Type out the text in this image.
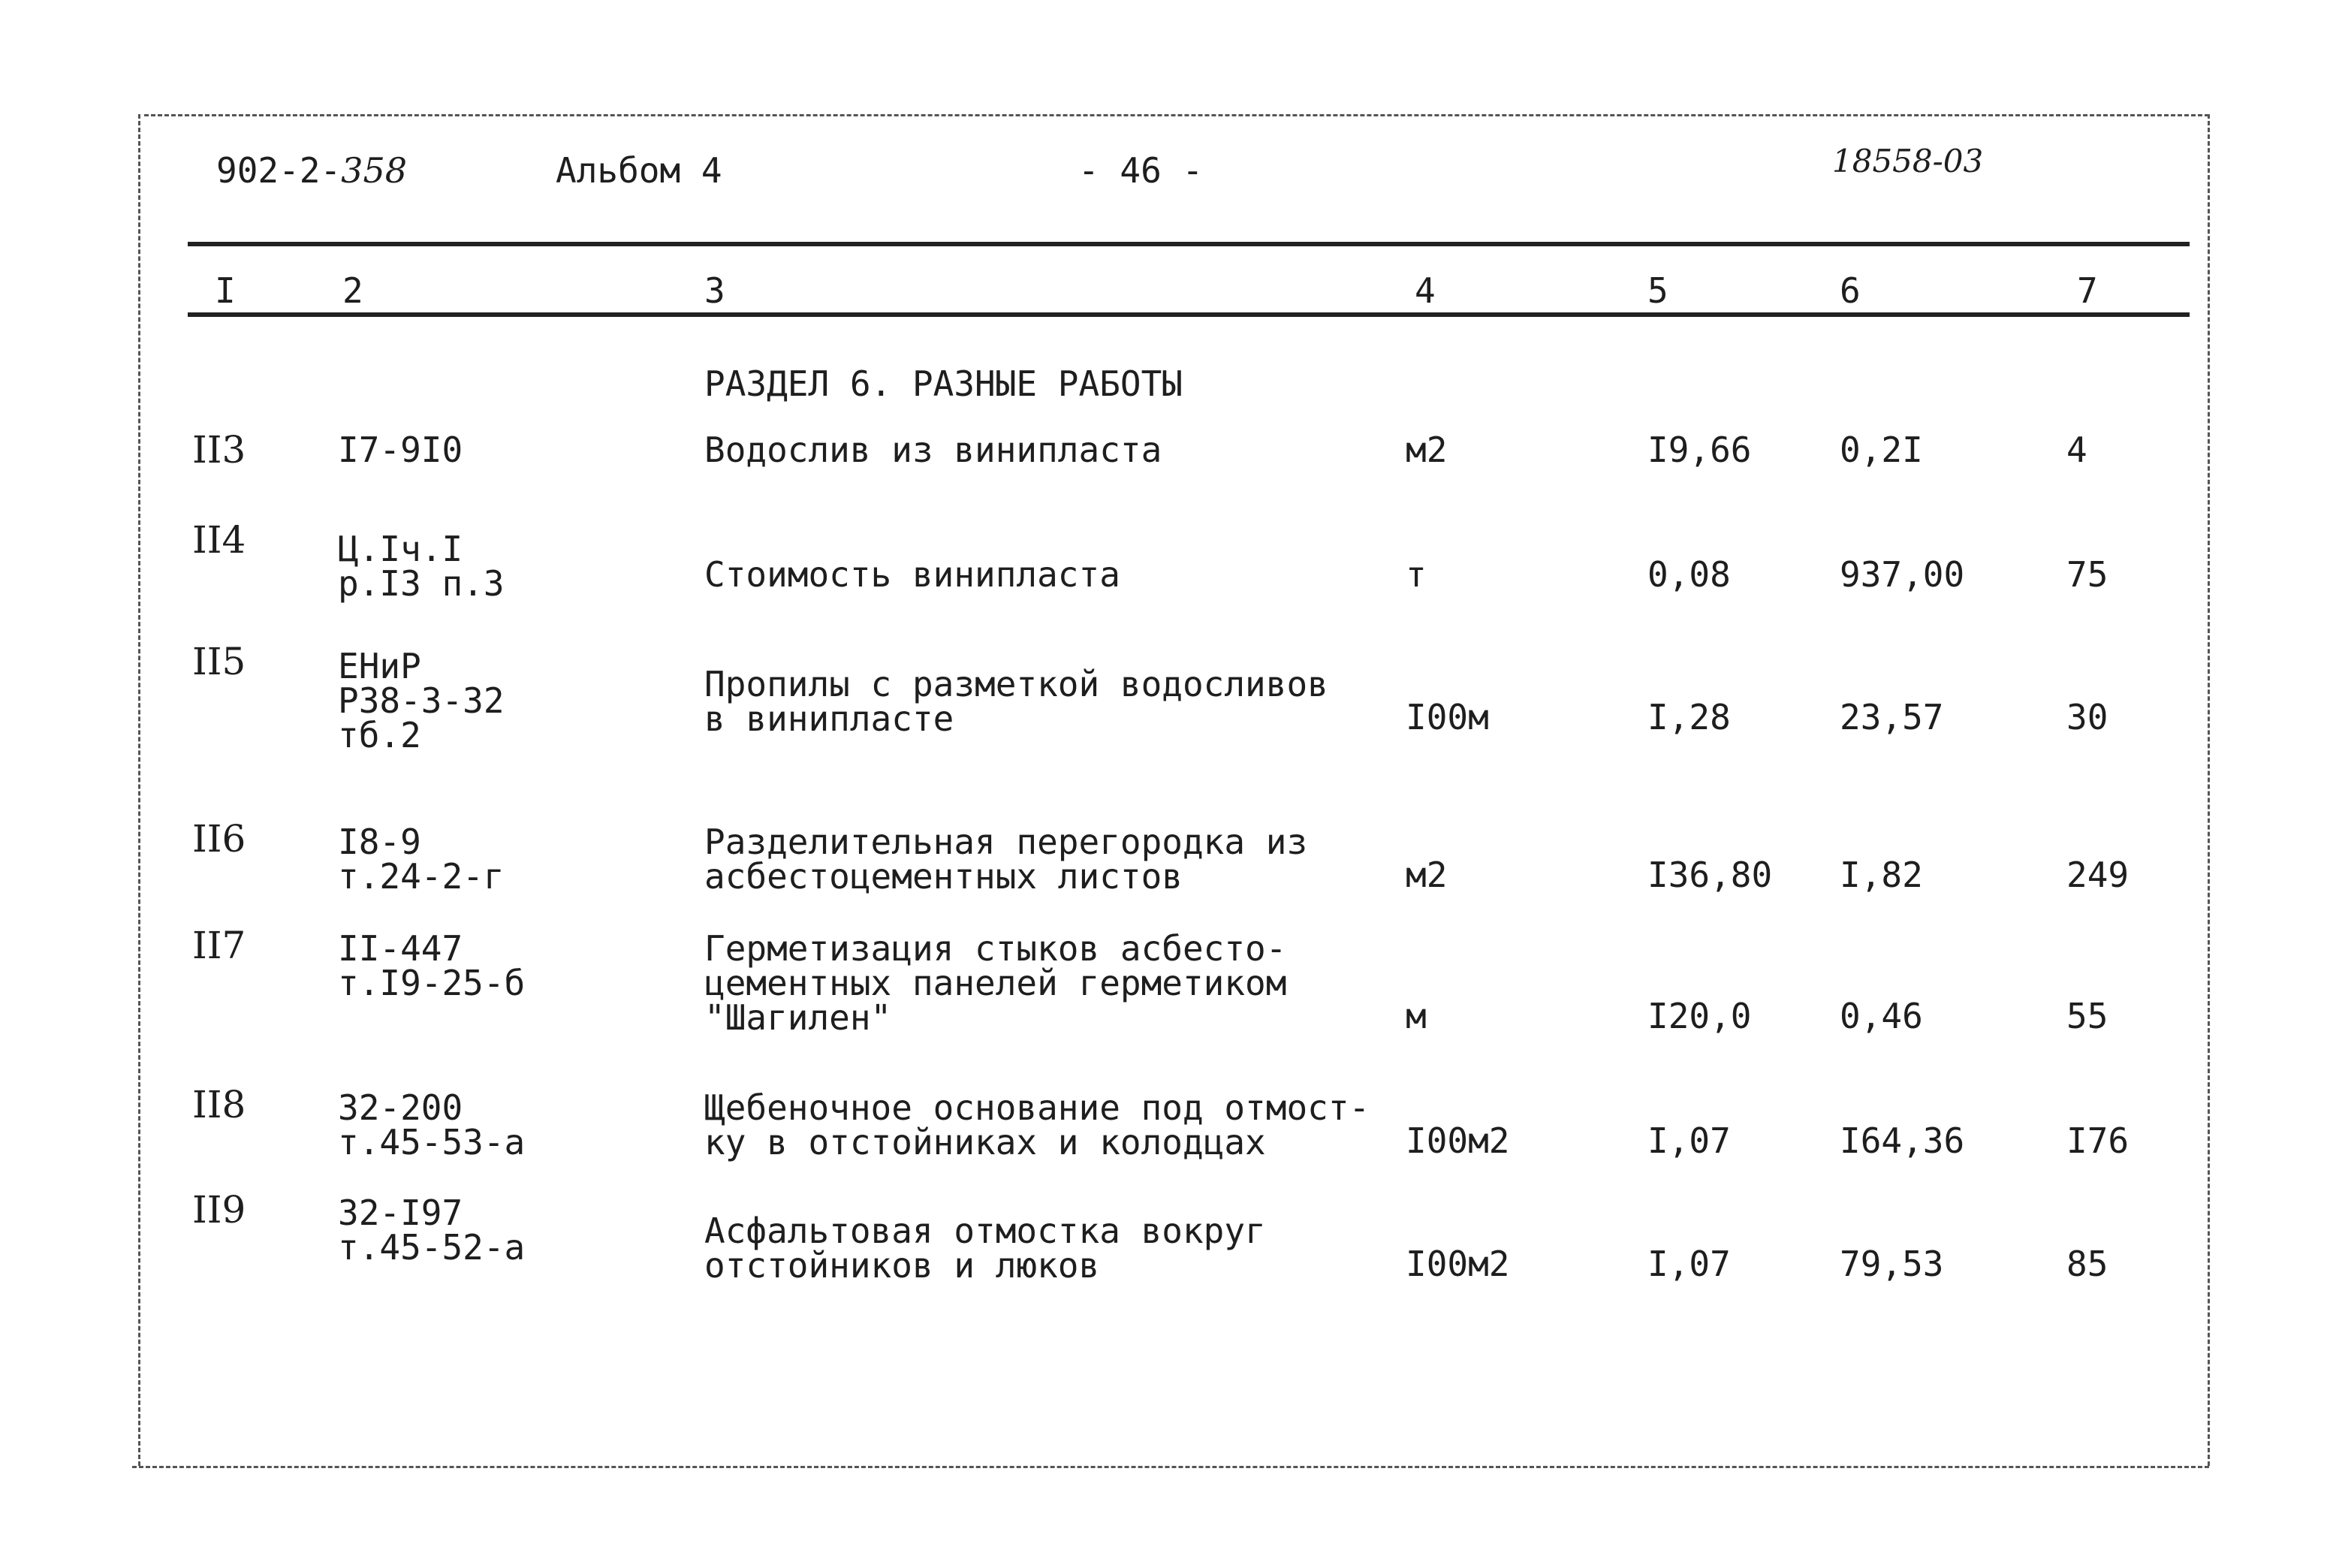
902-2-358	Альбом 4	- 46 -	18558-03
I	2	3	4	5	6	7
РАЗДЕЛ 6. РАЗНЫЕ РАБОТЫ
II3	I7-9I0	Водослив из винипласта	м2	I9,66	0,2I	4
II4	Ц.Iч.I
р.I3 п.3	Стоимость винипласта	т	0,08	937,00	75
II5	ЕНиР
Р38-3-32
тб.2
Пропилы с разметкой водосливов
в винипласте	I00м	I,28	23,57	30
II6	I8-9
т.24-2-г
Разделительная перегородка из
асбестоцементных листов	м2	I36,80 I,82	249
II7	II-447
т.I9-25-б
Герметизация стыков асбесто-
цементных панелей герметиком
"Шагилен"	м	I20,0	0,46	55
II8	32-200
т.45-53-а
Щебеночное основание под отмост-
ку в отстойниках и колодцах	I00м2	I,07	I64,36	I76
II9	32-I97
т.45-52-а	Асфальтовая отмостка вокруг
отстойников и люков	I00м2	I,07	79,53	85
